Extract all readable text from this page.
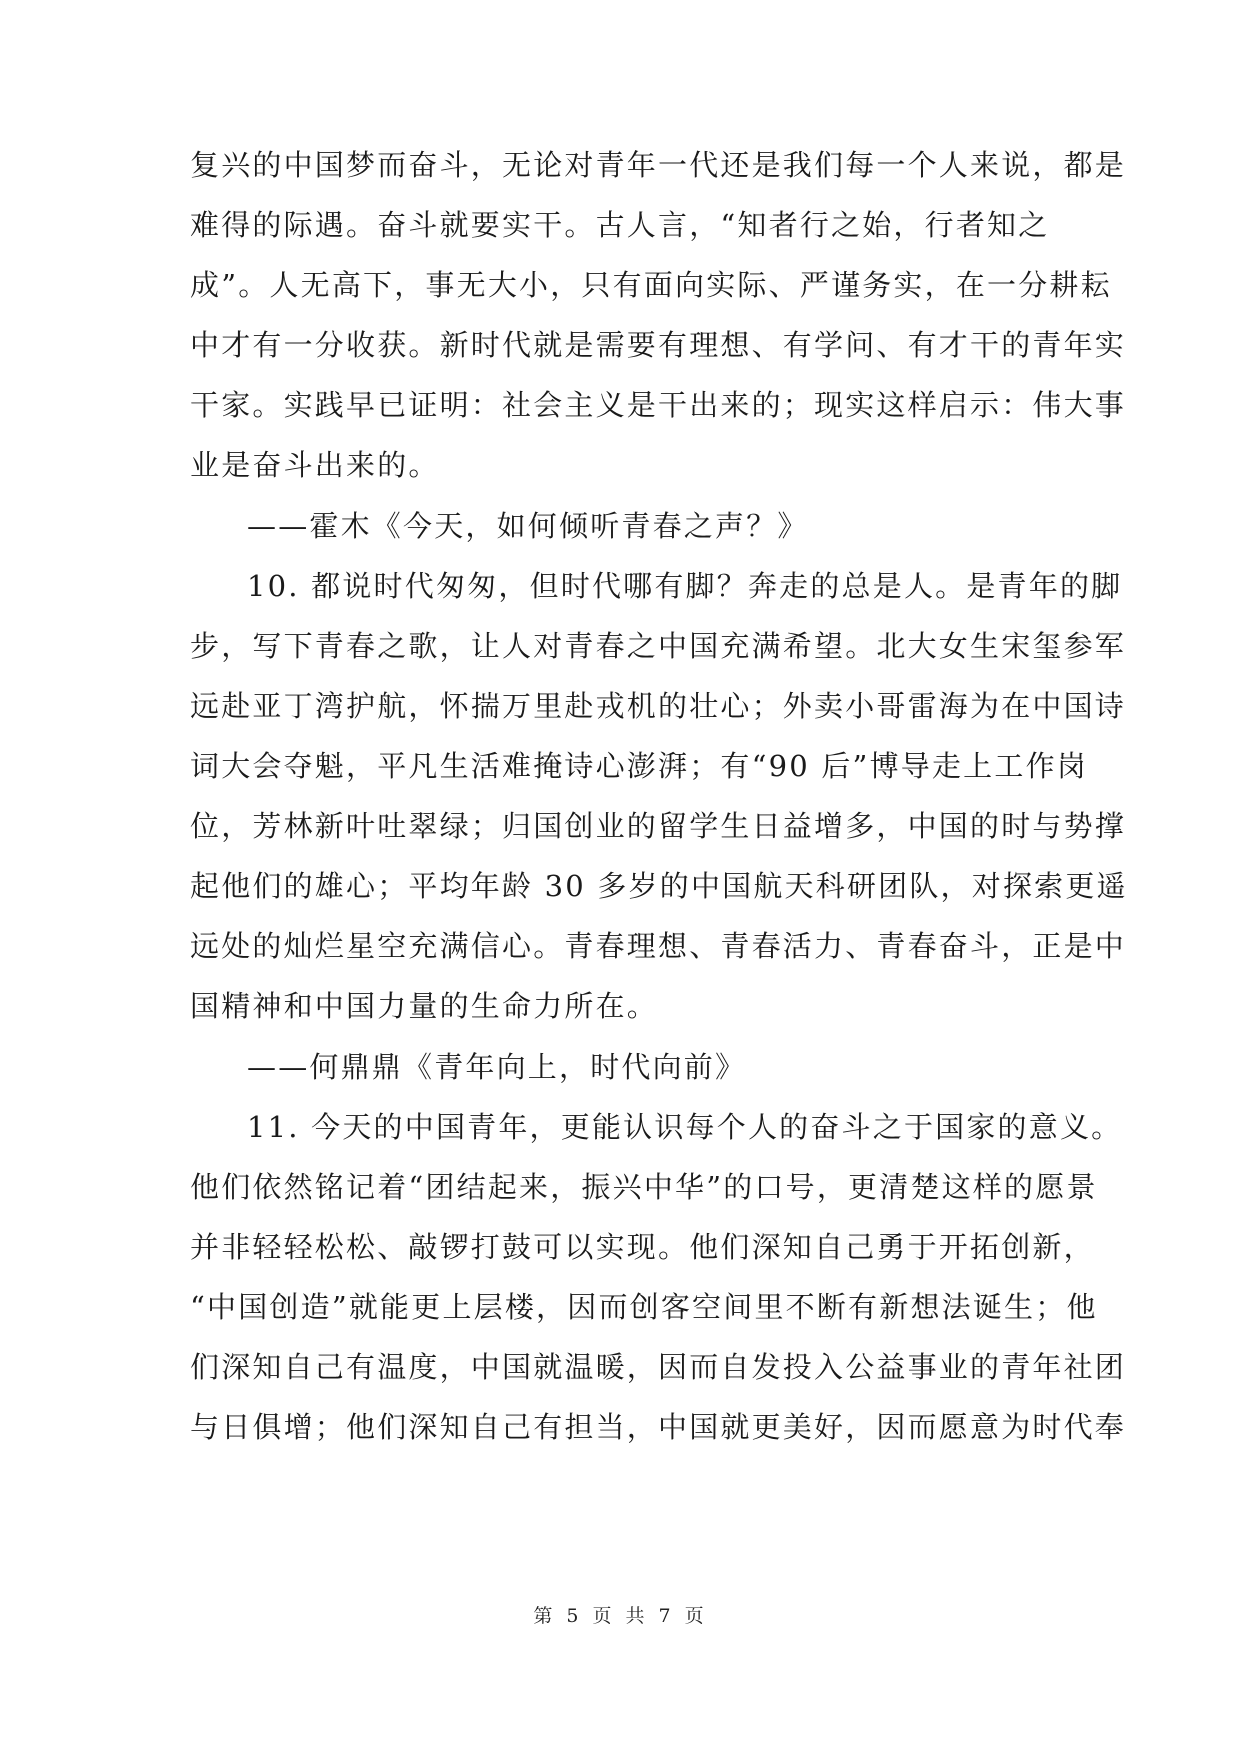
复兴的中国梦而奋斗，无论对青年一代还是我们每一个人来说，都是
难得的际遇。奋斗就要实干。古人言，“知者行之始，行者知之
成”。人无高下，事无大小，只有面向实际、严谨务实，在一分耕耘
中才有一分收获。新时代就是需要有理想、有学问、有才干的青年实
干家。实践早已证明：社会主义是干出来的；现实这样启示：伟大事
业是奋斗出来的。
——霍木《今天，如何倾听青春之声？》
10. 都说时代匆匆，但时代哪有脚？奔走的总是人。是青年的脚
步，写下青春之歌，让人对青春之中国充满希望。北大女生宋玺参军
远赴亚丁湾护航，怀揣万里赴戎机的壮心；外卖小哥雷海为在中国诗
词大会夺魁，平凡生活难掩诗心澎湃；有“90 后”博导走上工作岗
位，芳林新叶吐翠绿；归国创业的留学生日益增多，中国的时与势撑
起他们的雄心；平均年龄 30 多岁的中国航天科研团队，对探索更遥
远处的灿烂星空充满信心。青春理想、青春活力、青春奋斗，正是中
国精神和中国力量的生命力所在。
——何鼎鼎《青年向上，时代向前》
11. 今天的中国青年，更能认识每个人的奋斗之于国家的意义。
他们依然铭记着“团结起来，振兴中华”的口号，更清楚这样的愿景
并非轻轻松松、敲锣打鼓可以实现。他们深知自己勇于开拓创新，
“中国创造”就能更上层楼，因而创客空间里不断有新想法诞生；他
们深知自己有温度，中国就温暖，因而自发投入公益事业的青年社团
与日俱增；他们深知自己有担当，中国就更美好，因而愿意为时代奉
第 5 页 共 7 页
